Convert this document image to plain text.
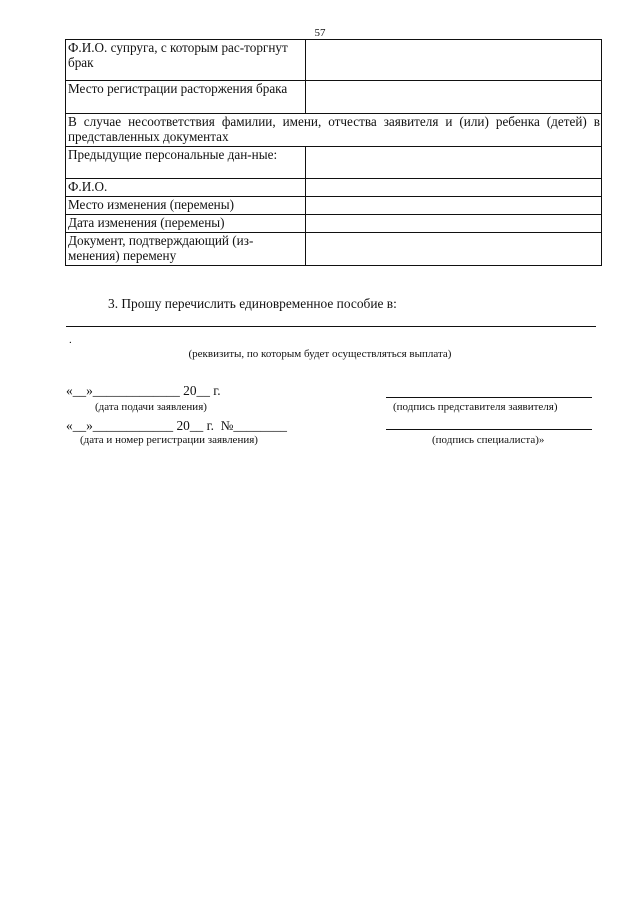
57
Ф.И.О. супруга, с которым рас-торгнут брак	
Место регистрации расторжения брака	
В случае несоответствия фамилии, имени, отчества заявителя и (или) ребенка (детей) в представленных документах	
Предыдущие персональные дан-ные:	
Ф.И.О.	
Место изменения (перемены)	
Дата изменения (перемены)	
Документ, подтверждающий (из-менения) перемену	
3. Прошу перечислить единовременное пособие в:
.
(реквизиты, по которым будет осуществляться выплата)
«__»_____________ 20__ г.
(дата подачи заявления)
«__»____________ 20__ г.  №________
(дата и номер регистрации заявления)
(подпись представителя заявителя)
(подпись специалиста)»
